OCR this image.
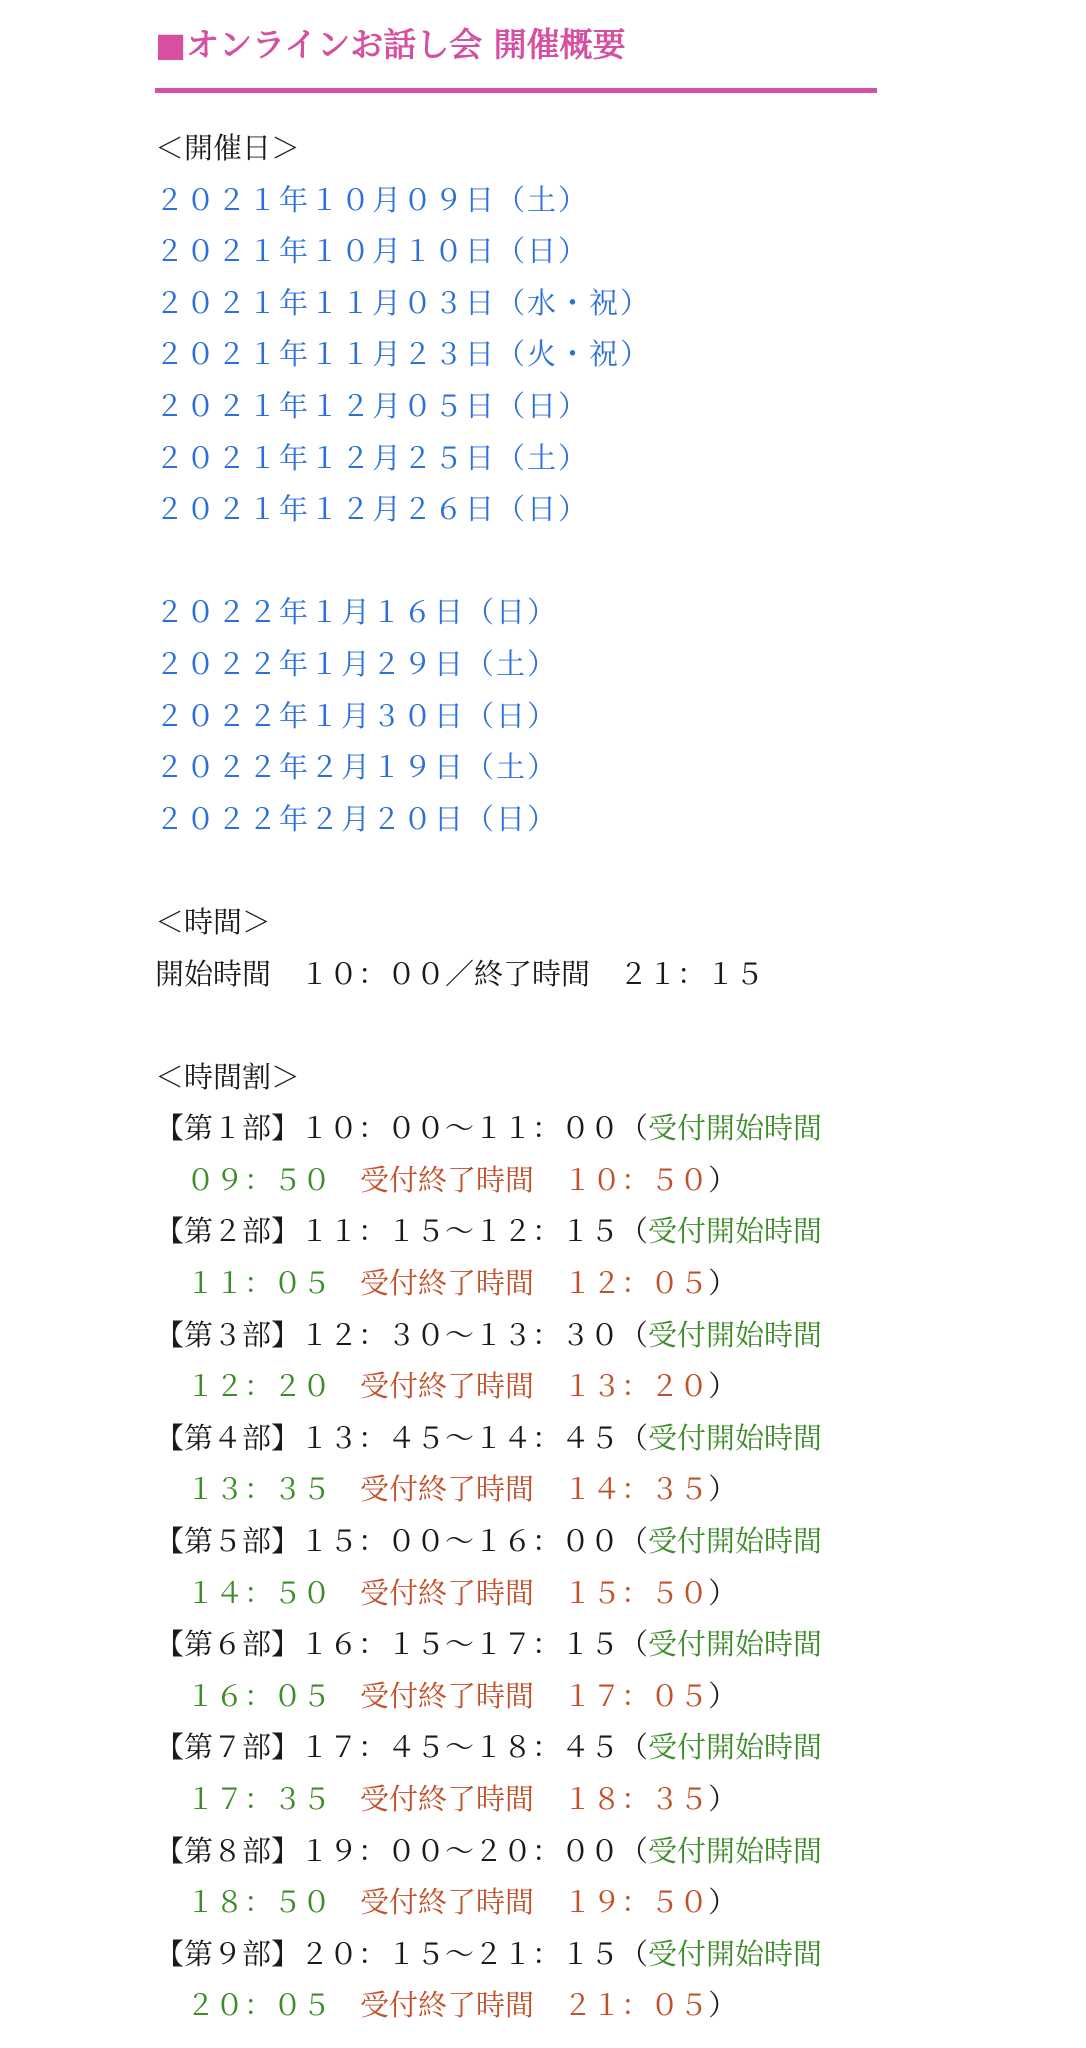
■オンラインお話し会 開催概要
＜開催日＞
２０２１年１０月０９日（土）
２０２１年１０月１０日（日）
２０２１年１１月０３日（水・祝）
２０２１年１１月２３日（火・祝）
２０２１年１２月０５日（日）
２０２１年１２月２５日（土）
２０２１年１２月２６日（日）
２０２２年１月１６日（日）
２０２２年１月２９日（土）
２０２２年１月３０日（日）
２０２２年２月１９日（土）
２０２２年２月２０日（日）
＜時間＞
開始時間　１０：００／終了時間　２１：１５
＜時間割＞
【第１部】１０：００〜１１：００（受付開始時間
０９：５０　 受付終了時間　 １０：５０）
【第２部】１１：１５〜１２：１５（受付開始時間
１１：０５　 受付終了時間　 １２：０５）
【第３部】１２：３０〜１３：３０（受付開始時間
１２：２０　 受付終了時間　 １３：２０）
【第４部】１３：４５〜１４：４５（受付開始時間
１３：３５　 受付終了時間　 １４：３５）
【第５部】１５：００〜１６：００（受付開始時間
１４：５０　 受付終了時間　 １５：５０）
【第６部】１６：１５〜１７：１５（受付開始時間
１６：０５　 受付終了時間　 １７：０５）
【第７部】１７：４５〜１８：４５（受付開始時間
１７：３５　 受付終了時間　 １８：３５）
【第８部】１９：００〜２０：００（受付開始時間
１８：５０　 受付終了時間　 １９：５０）
【第９部】２０：１５〜２１：１５（受付開始時間
２０：０５　 受付終了時間　 ２１：０５）
